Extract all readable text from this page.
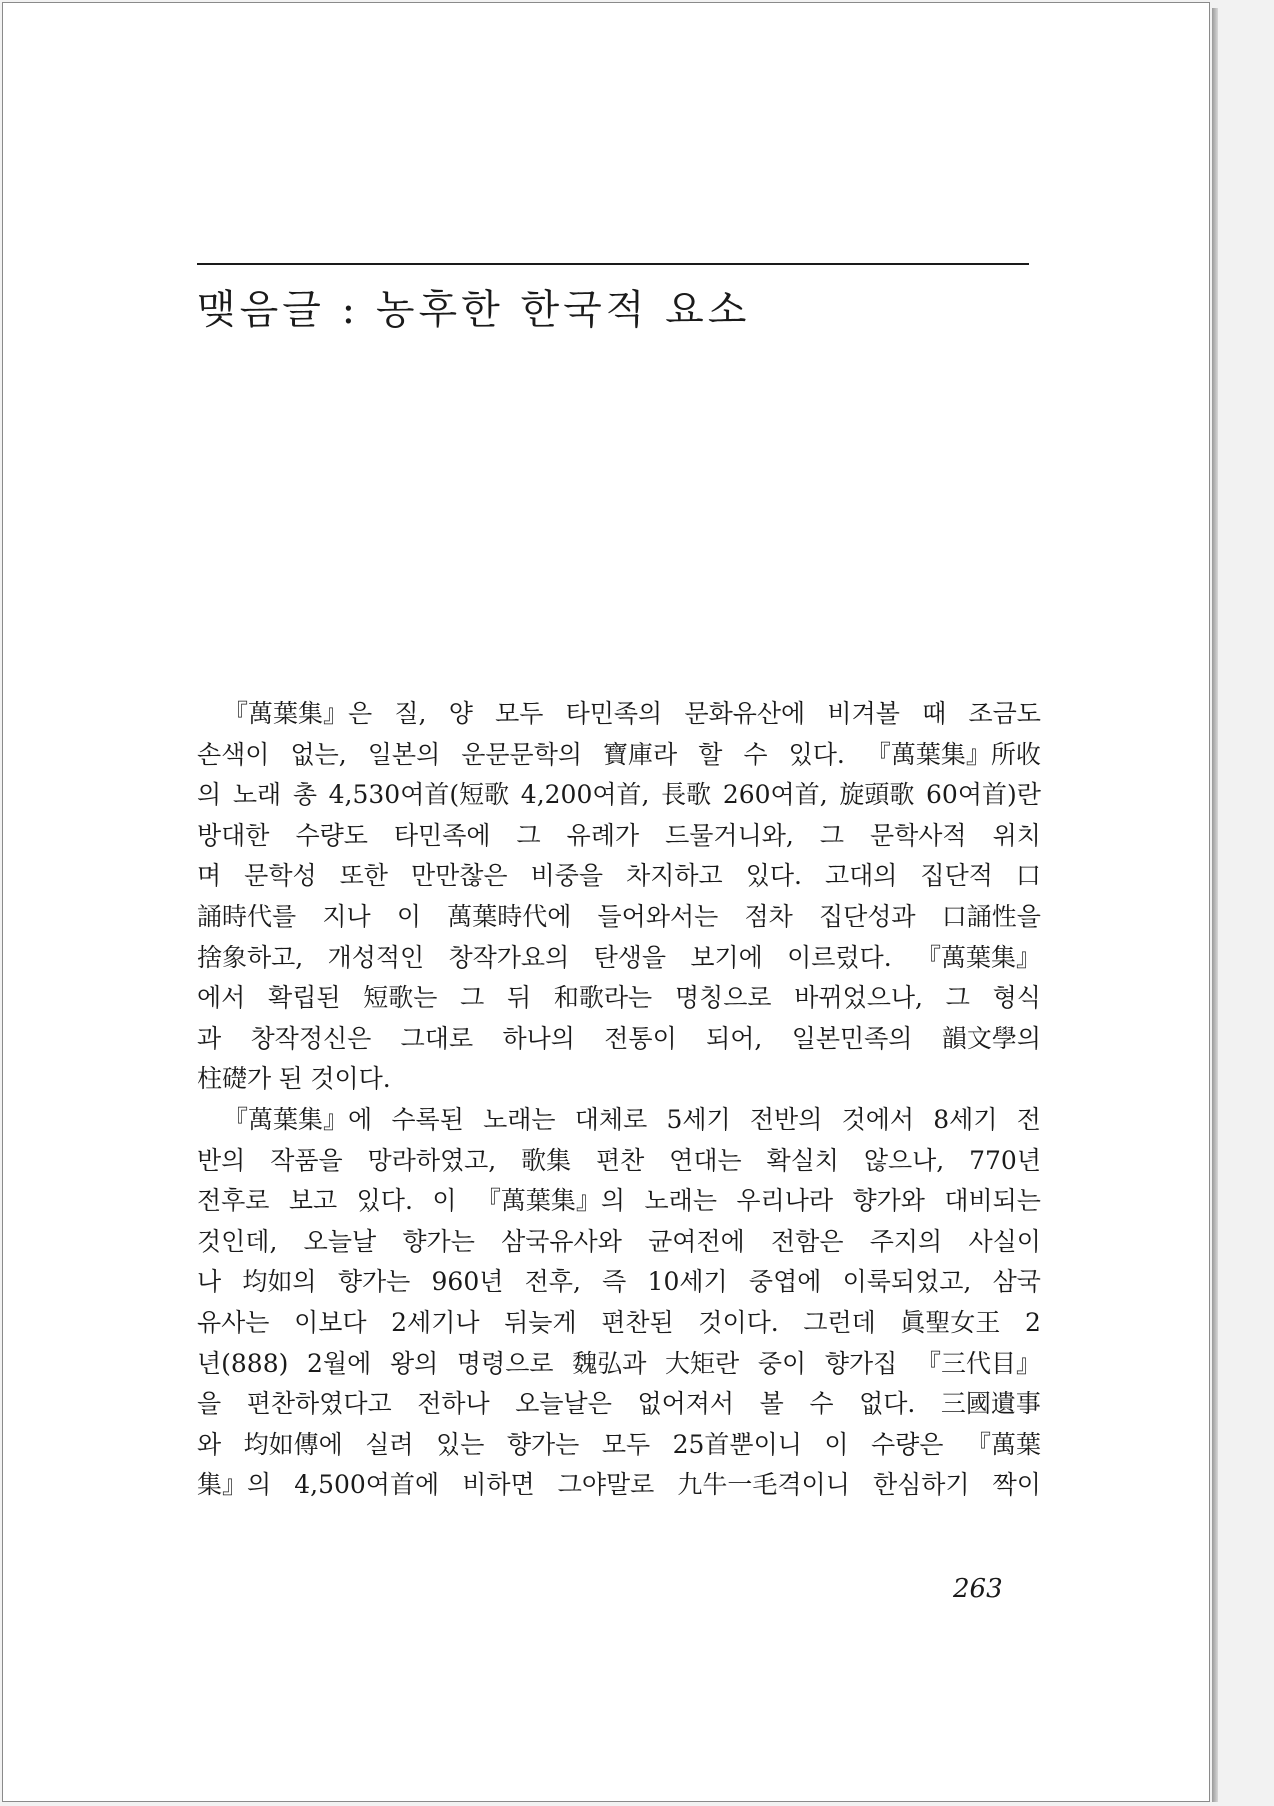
맺음글 : 농후한 한국적 요소
『萬葉集』은 질, 양 모두 타민족의 문화유산에 비겨볼 때 조금도
손색이 없는, 일본의 운문문학의 寶庫라 할 수 있다. 『萬葉集』所收
의 노래 총 4,530여首(短歌 4,200여首, 長歌 260여首, 旋頭歌 60여首)란
방대한 수량도 타민족에 그 유례가 드물거니와, 그 문학사적 위치
며 문학성 또한 만만찮은 비중을 차지하고 있다. 고대의 집단적 口
誦時代를 지나 이 萬葉時代에 들어와서는 점차 집단성과 口誦性을
捨象하고, 개성적인 창작가요의 탄생을 보기에 이르렀다. 『萬葉集』
에서 확립된 短歌는 그 뒤 和歌라는 명칭으로 바뀌었으나, 그 형식
과 창작정신은 그대로 하나의 전통이 되어, 일본민족의 韻文學의
柱礎가 된 것이다.
『萬葉集』에 수록된 노래는 대체로 5세기 전반의 것에서 8세기 전
반의 작품을 망라하였고, 歌集 편찬 연대는 확실치 않으나, 770년
전후로 보고 있다. 이 『萬葉集』의 노래는 우리나라 향가와 대비되는
것인데, 오늘날 향가는 삼국유사와 균여전에 전함은 주지의 사실이
나 均如의 향가는 960년 전후, 즉 10세기 중엽에 이룩되었고, 삼국
유사는 이보다 2세기나 뒤늦게 편찬된 것이다. 그런데 眞聖女王 2
년(888) 2월에 왕의 명령으로 魏弘과 大矩란 중이 향가집 『三代目』
을 편찬하였다고 전하나 오늘날은 없어져서 볼 수 없다. 三國遺事
와 均如傳에 실려 있는 향가는 모두 25首뿐이니 이 수량은 『萬葉
集』의 4,500여首에 비하면 그야말로 九牛一毛격이니 한심하기 짝이
263
